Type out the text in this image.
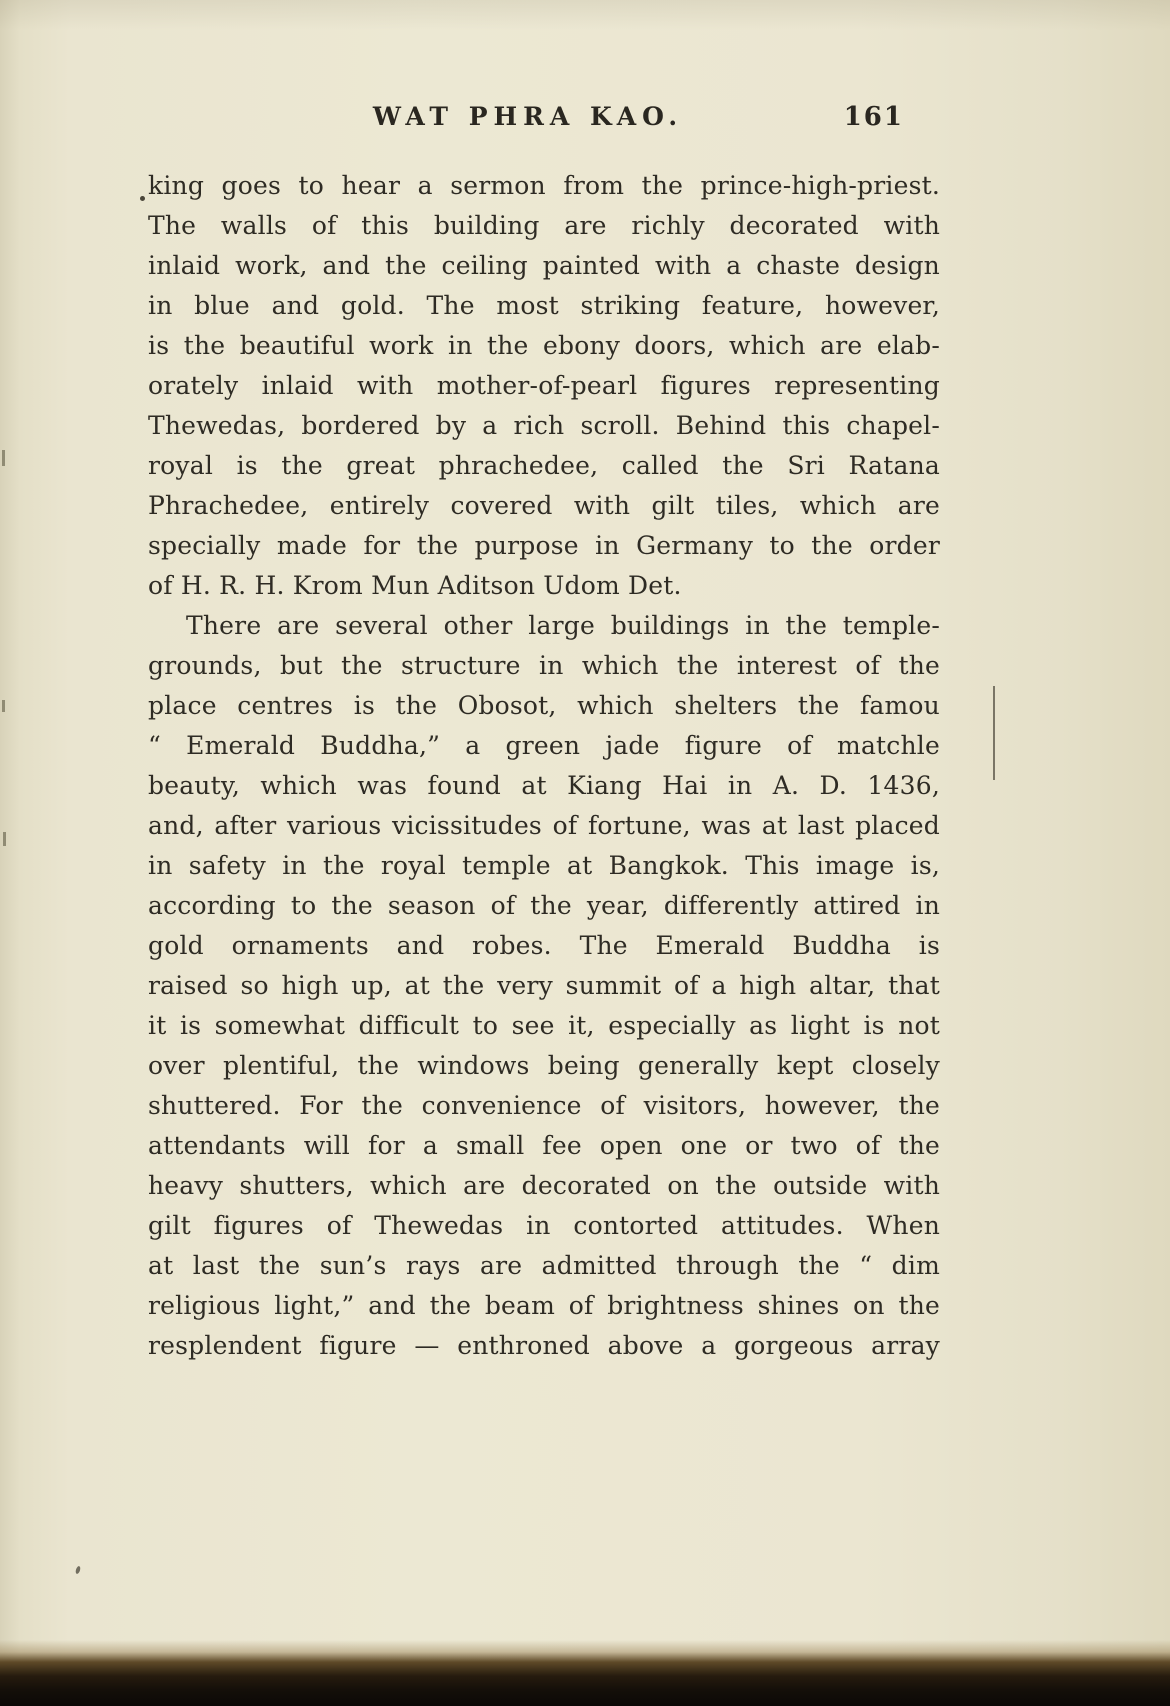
WAT PHRA KAO.	161
king goes to hear a sermon from the prince-high-priest.
The walls of this building are richly decorated with
inlaid work, and the ceiling painted with a chaste design
in blue and gold. The most striking feature, however,
is the beautiful work in the ebony doors, which are elab-
orately inlaid with mother-of-pearl figures representing
Thewedas, bordered by a rich scroll. Behind this chapel-
royal is the great phrachedee, called the Sri Ratana
Phrachedee, entirely covered with gilt tiles, which are
specially made for the purpose in Germany to the order
of H. R. H. Krom Mun Aditson Udom Det.
There are several other large buildings in the temple-
grounds, but the structure in which the interest of the
place centres is the Obosot, which shelters the famou
“ Emerald Buddha,” a green jade figure of matchle
beauty, which was found at Kiang Hai in A. D. 1436,
and, after various vicissitudes of fortune, was at last placed
in safety in the royal temple at Bangkok. This image is,
according to the season of the year, differently attired in
gold ornaments and robes. The Emerald Buddha is
raised so high up, at the very summit of a high altar, that
it is somewhat difficult to see it, especially as light is not
over plentiful, the windows being generally kept closely
shuttered. For the convenience of visitors, however, the
attendants will for a small fee open one or two of the
heavy shutters, which are decorated on the outside with
gilt figures of Thewedas in contorted attitudes. When
at last the sun’s rays are admitted through the “ dim
religious light,” and the beam of brightness shines on the
resplendent figure — enthroned above a gorgeous array
